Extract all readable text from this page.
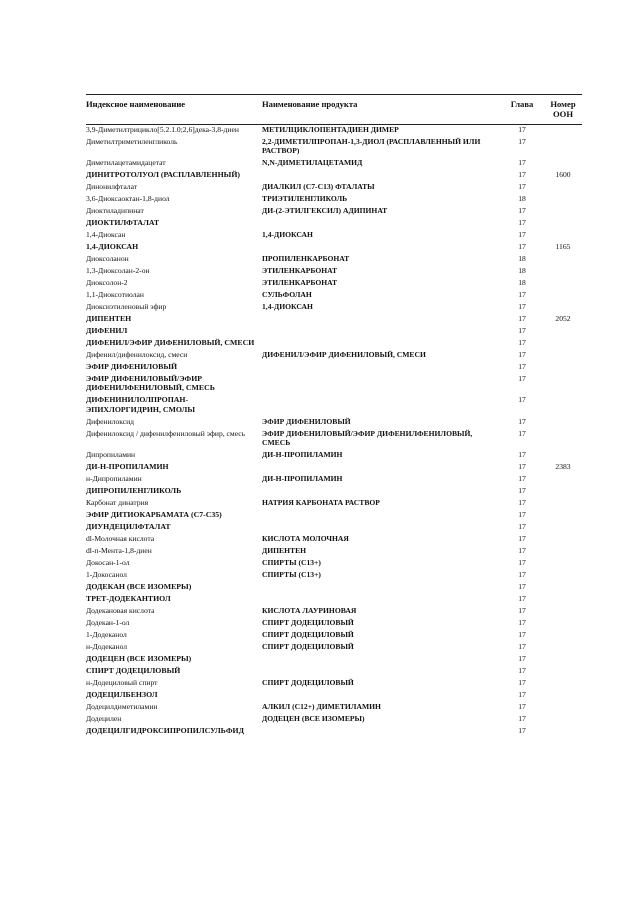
Индексное наименование	Наименование продукта	Глава	Номер ООН
3,9-Диметилтрицикло[5.2.1.0;2,6]дека-3,8-диен	МЕТИЛЦИКЛОПЕНТАДИЕН ДИМЕР	17	
Диметилтриметиленгликоль	2,2-ДИМЕТИЛПРОПАН-1,3-ДИОЛ (РАСПЛАВЛЕННЫЙ ИЛИ РАСТВОР)	17	
Диметилацетамидацетат	N,N-ДИМЕТИЛАЦЕТАМИД	17	
ДИНИТРОТОЛУОЛ (РАСПЛАВЛЕННЫЙ)		17	1600
Динонилфталат	ДИАЛКИЛ (С7-С13) ФТАЛАТЫ	17	
3,6-Диоксаоктан-1,8-диол	ТРИЭТИЛЕНГЛИКОЛЬ	18	
Диоктиладипинат	ДИ-(2-ЭТИЛГЕКСИЛ) АДИПИНАТ	17	
ДИОКТИЛФТАЛАТ		17	
1,4-Диоксан	1,4-ДИОКСАН	17	
1,4-ДИОКСАН		17	1165
Диоксоланон	ПРОПИЛЕНКАРБОНАТ	18	
1,3-Диоксолан-2-он	ЭТИЛЕНКАРБОНАТ	18	
Диоксолон-2	ЭТИЛЕНКАРБОНАТ	18	
1,1-Диоксотиолан	СУЛЬФОЛАН	17	
Диоксиэтиленовый эфир	1,4-ДИОКСАН	17	
ДИПЕНТЕН		17	2052
ДИФЕНИЛ		17	
ДИФЕНИЛ/ЭФИР ДИФЕНИЛОВЫЙ, СМЕСИ		17	
Дифенил/дифенилоксид, смеси	ДИФЕНИЛ/ЭФИР ДИФЕНИЛОВЫЙ, СМЕСИ	17	
ЭФИР ДИФЕНИЛОВЫЙ		17	
ЭФИР ДИФЕНИЛОВЫЙ/ЭФИР ДИФЕНИЛФЕНИЛОВЫЙ, СМЕСЬ		17	
ДИФЕНИНИЛОЛПРОПАН-ЭПИХЛОРГИДРИН, СМОЛЫ		17	
Дифенилоксид	ЭФИР ДИФЕНИЛОВЫЙ	17	
Дифенилоксид / дифенилфениловый эфир, смесь	ЭФИР ДИФЕНИЛОВЫЙ/ЭФИР ДИФЕНИЛФЕНИЛОВЫЙ, СМЕСЬ	17	
Дипропиламин	ДИ-Н-ПРОПИЛАМИН	17	
ДИ-Н-ПРОПИЛАМИН		17	2383
н-Дипропиламин	ДИ-Н-ПРОПИЛАМИН	17	
ДИПРОПИЛЕНГЛИКОЛЬ		17	
Карбонат динатрия	НАТРИЯ КАРБОНАТА РАСТВОР	17	
ЭФИР ДИТИОКАРБАМАТА (С7-С35)		17	
ДИУНДЕЦИЛФТАЛАТ		17	
dl-Молочная кислота	КИСЛОТА МОЛОЧНАЯ	17	
dl-п-Мента-1,8-диен	ДИПЕНТЕН	17	
Докосан-1-ол	СПИРТЫ (С13+)	17	
1-Докосанол	СПИРТЫ (С13+)	17	
ДОДЕКАН (ВСЕ ИЗОМЕРЫ)		17	
ТРЕТ-ДОДЕКАНТИОЛ		17	
Додекановая кислота	КИСЛОТА ЛАУРИНОВАЯ	17	
Додекан-1-ол	СПИРТ ДОДЕЦИЛОВЫЙ	17	
1-Додеканол	СПИРТ ДОДЕЦИЛОВЫЙ	17	
н-Додеканол	СПИРТ ДОДЕЦИЛОВЫЙ	17	
ДОДЕЦЕН (ВСЕ ИЗОМЕРЫ)		17	
СПИРТ ДОДЕЦИЛОВЫЙ		17	
н-Додециловый спирт	СПИРТ ДОДЕЦИЛОВЫЙ	17	
ДОДЕЦИЛБЕНЗОЛ		17	
Додецилдиметиламин	АЛКИЛ (С12+) ДИМЕТИЛАМИН	17	
Додецилен	ДОДЕЦЕН (ВСЕ ИЗОМЕРЫ)	17	
ДОДЕЦИЛГИДРОКСИПРОПИЛСУЛЬФИД		17	
